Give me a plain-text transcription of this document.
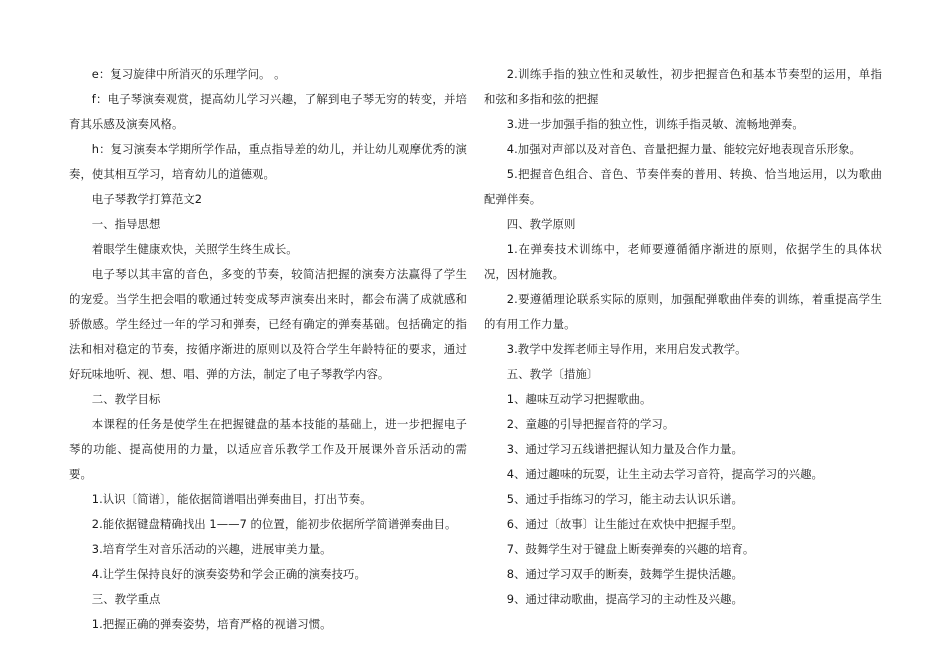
e：复习旋律中所消灭的乐理学问。 。

f：电子琴演奏观赏，提高幼儿学习兴趣，了解到电子琴无穷的转变，并培育其乐感及演奏风格。

h：复习演奏本学期所学作品，重点指导差的幼儿，并让幼儿观摩优秀的演奏，使其相互学习，培育幼儿的道德观。

电子琴教学打算范文2

一、指导思想

着眼学生健康欢快，关照学生终生成长。

电子琴以其丰富的音色，多变的节奏，较简洁把握的演奏方法赢得了学生的宠爱。当学生把会唱的歌通过转变成琴声演奏出来时，都会布满了成就感和骄傲感。学生经过一年的学习和弹奏，已经有确定的弹奏基础。包括确定的指法和相对稳定的节奏，按循序渐进的原则以及符合学生年龄特征的要求，通过好玩味地听、视、想、唱、弹的方法，制定了电子琴教学内容。

二、教学目标

本课程的任务是使学生在把握键盘的基本技能的基础上，进一步把握电子琴的功能、提高使用的力量，以适应音乐教学工作及开展课外音乐活动的需要。

1.认识〔简谱〕，能依据简谱唱出弹奏曲目，打出节奏。

2.能依据键盘精确找出 1——7 的位置，能初步依据所学简谱弹奏曲目。

3.培育学生对音乐活动的兴趣，进展审美力量。

4.让学生保持良好的演奏姿势和学会正确的演奏技巧。

三、教学重点

1.把握正确的弹奏姿势，培育严格的视谱习惯。

2.训练手指的独立性和灵敏性，初步把握音色和基本节奏型的运用，单指和弦和多指和弦的把握

3.进一步加强手指的独立性，训练手指灵敏、流畅地弹奏。

4.加强对声部以及对音色、音量把握力量、能较完好地表现音乐形象。

5.把握音色组合、音色、节奏伴奏的普用、转换、恰当地运用，以为歌曲配弹伴奏。

四、教学原则

1.在弹奏技术训练中，老师要遵循循序渐进的原则，依据学生的具体状况，因材施教。

2.要遵循理论联系实际的原则，加强配弹歌曲伴奏的训练，着重提高学生的有用工作力量。

3.教学中发挥老师主导作用，来用启发式教学。

五、教学〔措施〕

1、趣味互动学习把握歌曲。

2、童趣的引导把握音符的学习。

3、通过学习五线谱把握认知力量及合作力量。

4、通过趣味的玩耍，让生主动去学习音符，提高学习的兴趣。

5、通过手指练习的学习，能主动去认识乐谱。

6、通过〔故事〕让生能过在欢快中把握手型。

7、鼓舞学生对于键盘上断奏弹奏的兴趣的培育。

8、通过学习双手的断奏，鼓舞学生提快活趣。

9、通过律动歌曲，提高学习的主动性及兴趣。
